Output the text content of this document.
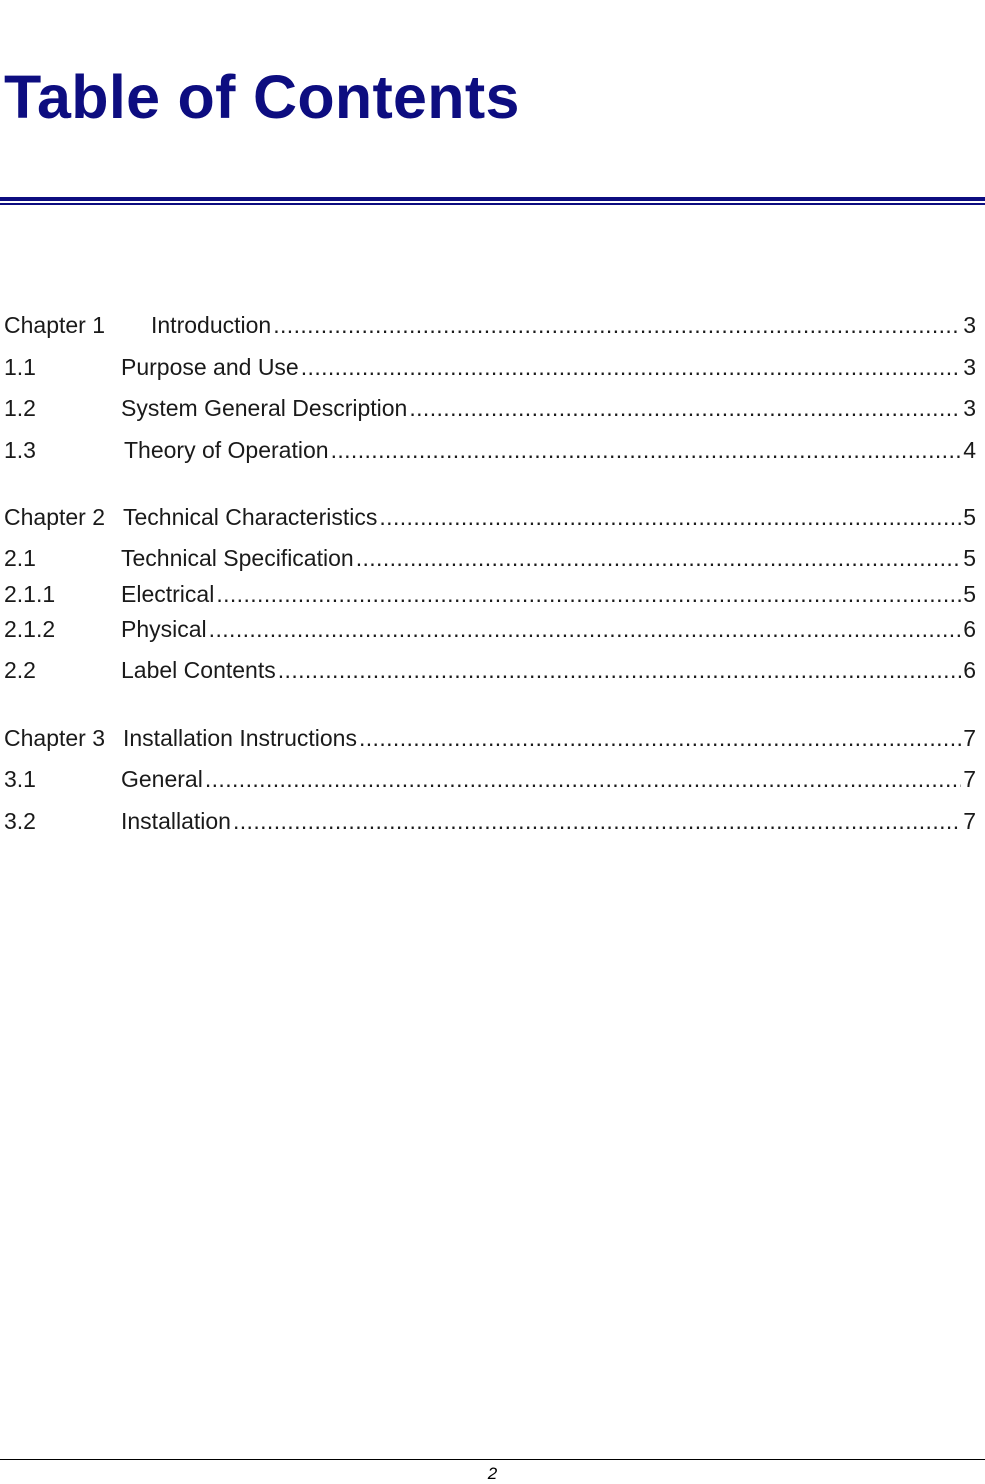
Table of Contents
Chapter 1	Introduction .....	3
1.1	Purpose and Use .....	3
1.2	System General Description .....	3
1.3	Theory of Operation .....	4
Chapter 2 Technical Characteristics .....	5
2.1	Technical Specification .....	5
2.1.1	Electrical .....	5
2.1.2	Physical .....	6
2.2	Label Contents .....	6
Chapter 3 Installation Instructions .....	7
3.1	General .....	7
3.2	Installation .....	7
2
